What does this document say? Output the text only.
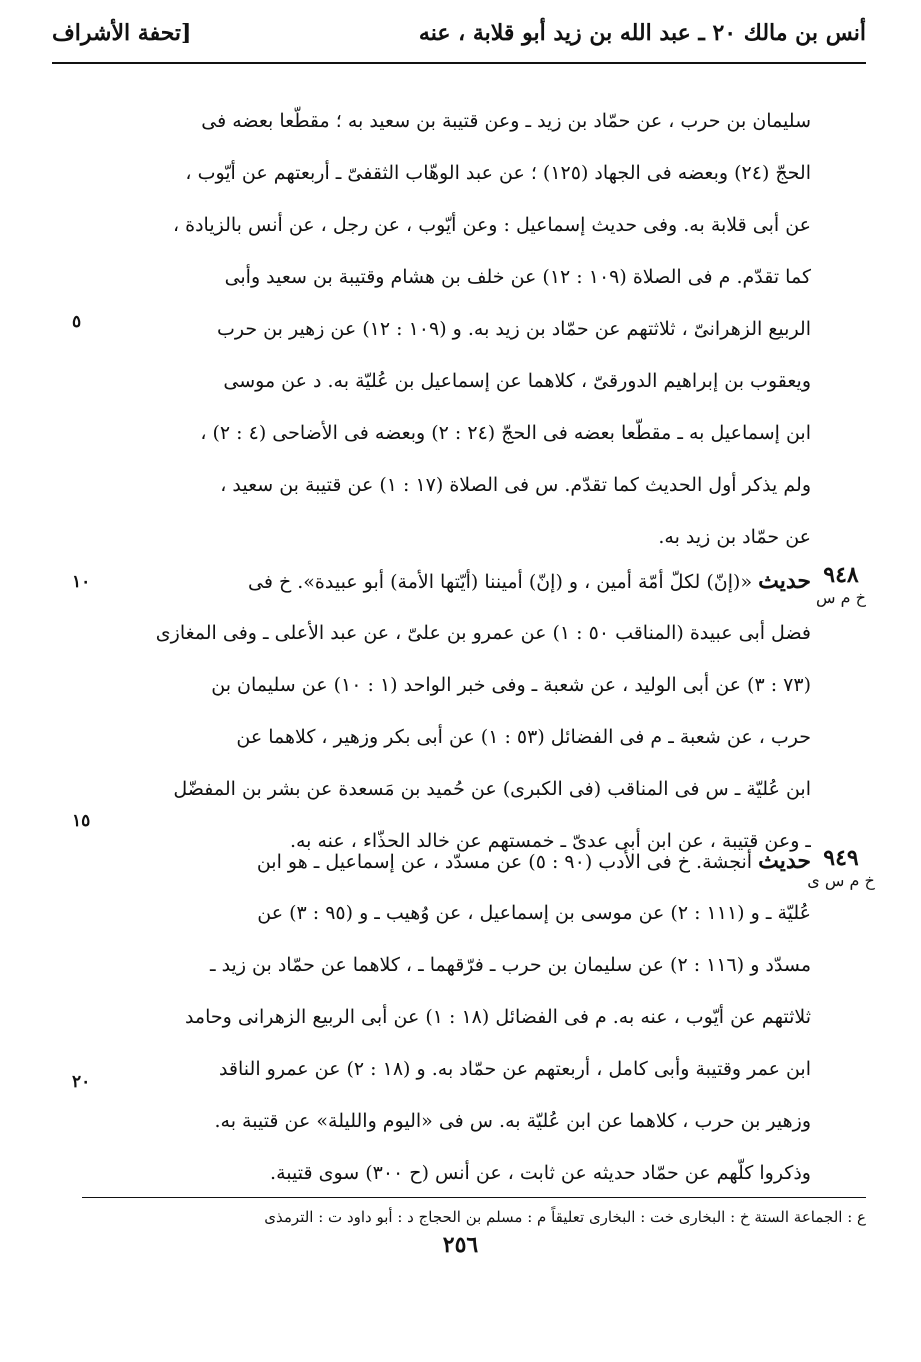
أنس بن مالك ٢٠ ـ عبد الله بن زيد أبو قلابة ، عنه
[تحفة الأشراف
سليمان بن حرب ، عن حمّاد بن زيد ـ وعن قتيبة بن سعيد به ؛ مقطّعا بعضه فى
الحجّ (٢٤) وبعضه فى الجهاد (١٢٥) ؛ عن عبد الوهّاب الثقفىّ ـ أربعتهم عن أيّوب ،
عن أبى قلابة به. وفى حديث إسماعيل : وعن أيّوب ، عن رجل ، عن أنس بالزيادة ،
كما تقدّم. م فى الصلاة (١٠٩ : ١٢) عن خلف بن هشام وقتيبة بن سعيد وأبى
الربيع الزهرانىّ ، ثلاثتهم عن حمّاد بن زيد به. و (١٠٩ : ١٢) عن زهير بن حرب
ويعقوب بن إبراهيم الدورقىّ ، كلاهما عن إسماعيل بن عُليّة به. د عن موسى
ابن إسماعيل به ـ مقطّعا بعضه فى الحجّ (٢٤ : ٢) وبعضه فى الأضاحى (٤ : ٢) ،
ولم يذكر أول الحديث كما تقدّم. س فى الصلاة (١٧ : ١) عن قتيبة بن سعيد ،
عن حمّاد بن زيد به.
٩٤٨
خ م س
حديث «(إنّ) لكلّ أمّة أمين ، و (إنّ) أميننا (أيّتها الأمة) أبو عبيدة». خ فى
فضل أبى عبيدة (المناقب ٥٠ : ١) عن عمرو بن علىّ ، عن عبد الأعلى ـ وفى المغازى
(٧٣ : ٣) عن أبى الوليد ، عن شعبة ـ وفى خبر الواحد (١ : ١٠) عن سليمان بن
حرب ، عن شعبة ـ م فى الفضائل (٥٣ : ١) عن أبى بكر وزهير ، كلاهما عن
ابن عُليّة ـ س فى المناقب (فى الكبرى) عن حُميد بن مَسعدة عن بشر بن المفضّل
ـ وعن قتيبة ، عن ابن أبى عدىّ ـ خمستهم عن خالد الحذّاء ، عنه به.
٩٤٩
خ م س ى
حديث أنجشة. خ فى الأدب (٩٠ : ٥) عن مسدّد ، عن إسماعيل ـ هو ابن
عُليّة ـ و (١١١ : ٢) عن موسى بن إسماعيل ، عن وُهيب ـ و (٩٥ : ٣) عن
مسدّد و (١١٦ : ٢) عن سليمان بن حرب ـ فرّقهما ـ ، كلاهما عن حمّاد بن زيد ـ
ثلاثتهم عن أيّوب ، عنه به. م فى الفضائل (١٨ : ١) عن أبى الربيع الزهرانى وحامد
ابن عمر وقتيبة وأبى كامل ، أربعتهم عن حمّاد به. و (١٨ : ٢) عن عمرو الناقد
وزهير بن حرب ، كلاهما عن ابن عُليّة به. س فى «اليوم والليلة» عن قتيبة به.
وذكروا كلّهم عن حمّاد حديثه عن ثابت ، عن أنس (ح ٣٠٠) سوى قتيبة.
٥
١٠
١٥
٢٠
ع : الجماعة الستة خ : البخارى خت : البخارى تعليقاً م : مسلم بن الحجاج د : أبو داود ت : الترمذى
٢٥٦
